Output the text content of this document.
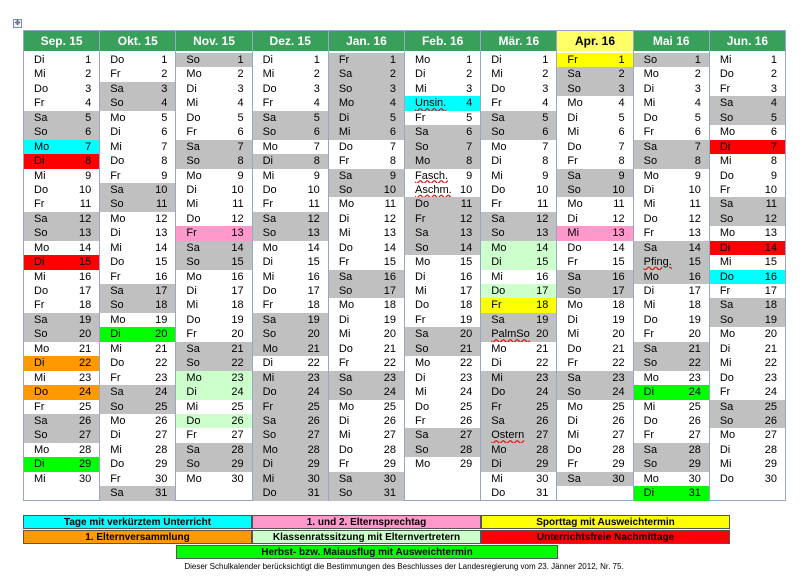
✥
Sep. 15
Di	1
Mi	2
Do	3
Fr	4
Sa	5
So	6
Mo	7
Di	8
Mi	9
Do	10
Fr	11
Sa	12
So	13
Mo	14
Di	15
Mi	16
Do	17
Fr	18
Sa	19
So	20
Mo	21
Di	22
Mi	23
Do	24
Fr	25
Sa	26
So	27
Mo	28
Di	29
Mi	30
Okt. 15
Do	1
Fr	2
Sa	3
So	4
Mo	5
Di	6
Mi	7
Do	8
Fr	9
Sa	10
So	11
Mo	12
Di	13
Mi	14
Do	15
Fr	16
Sa	17
So	18
Mo	19
Di	20
Mi	21
Do	22
Fr	23
Sa	24
So	25
Mo	26
Di	27
Mi	28
Do	29
Fr	30
Sa	31
Nov. 15
So	1
Mo	2
Di	3
Mi	4
Do	5
Fr	6
Sa	7
So	8
Mo	9
Di	10
Mi	11
Do	12
Fr	13
Sa	14
So	15
Mo	16
Di	17
Mi	18
Do	19
Fr	20
Sa	21
So	22
Mo	23
Di	24
Mi	25
Do	26
Fr	27
Sa	28
So	29
Mo	30
Dez. 15
Di	1
Mi	2
Do	3
Fr	4
Sa	5
So	6
Mo	7
Di	8
Mi	9
Do	10
Fr	11
Sa	12
So	13
Mo	14
Di	15
Mi	16
Do	17
Fr	18
Sa	19
So	20
Mo	21
Di	22
Mi	23
Do	24
Fr	25
Sa	26
So	27
Mo	28
Di	29
Mi	30
Do	31
Jan. 16
Fr	1
Sa	2
So	3
Mo	4
Di	5
Mi	6
Do	7
Fr	8
Sa	9
So	10
Mo	11
Di	12
Mi	13
Do	14
Fr	15
Sa	16
So	17
Mo	18
Di	19
Mi	20
Do	21
Fr	22
Sa	23
So	24
Mo	25
Di	26
Mi	27
Do	28
Fr	29
Sa	30
So	31
Feb. 16
Mo	1
Di	2
Mi	3
Unsin. 4
Fr	5
Sa	6
So	7
Mo	8
Fasch. 9
Aschm. 10
Do	11
Fr	12
Sa	13
So	14
Mo	15
Di	16
Mi	17
Do	18
Fr	19
Sa	20
So	21
Mo	22
Di	23
Mi	24
Do	25
Fr	26
Sa	27
So	28
Mo	29
Mär. 16
Di	1
Mi	2
Do	3
Fr	4
Sa	5
So	6
Mo	7
Di	8
Mi	9
Do	10
Fr	11
Sa	12
So	13
Mo	14
Di	15
Mi	16
Do	17
Fr	18
Sa	19
PalmSo 20
Mo	21
Di	22
Mi	23
Do	24
Fr	25
Sa	26
Ostern 27
Mo	28
Di	29
Mi	30
Do	31
Apr. 16
Fr	1
Sa	2
So	3
Mo	4
Di	5
Mi	6
Do	7
Fr	8
Sa	9
So	10
Mo	11
Di	12
Mi	13
Do	14
Fr	15
Sa	16
So	17
Mo	18
Di	19
Mi	20
Do	21
Fr	22
Sa	23
So	24
Mo	25
Di	26
Mi	27
Do	28
Fr	29
Sa	30
Mai 16
So	1
Mo	2
Di	3
Mi	4
Do	5
Fr	6
Sa	7
So	8
Mo	9
Di	10
Mi	11
Do	12
Fr	13
Sa	14
Pfing. 15
Mo	16
Di	17
Mi	18
Do	19
Fr	20
Sa	21
So	22
Mo	23
Di	24
Mi	25
Do	26
Fr	27
Sa	28
So	29
Mo	30
Di	31
Jun. 16
Mi	1
Do	2
Fr	3
Sa	4
So	5
Mo	6
Di	7
Mi	8
Do	9
Fr	10
Sa	11
So	12
Mo	13
Di	14
Mi	15
Do	16
Fr	17
Sa	18
So	19
Mo	20
Di	21
Mi	22
Do	23
Fr	24
Sa	25
So	26
Mo	27
Di	28
Mi	29
Do	30
Tage mit verkürztem Unterricht	1. und 2. Elternsprechtag	Sporttag mit Ausweichtermin
1. Elternversammlung	Klassenratssitzung mit Elternvertretern	Unterrichtsfreie Nachmittage
Herbst- bzw. Maiausflug mit Ausweichtermin
Dieser Schulkalender berücksichtigt die Bestimmungen des Beschlusses der Landesregierung vom 23. Jänner 2012, Nr. 75.
